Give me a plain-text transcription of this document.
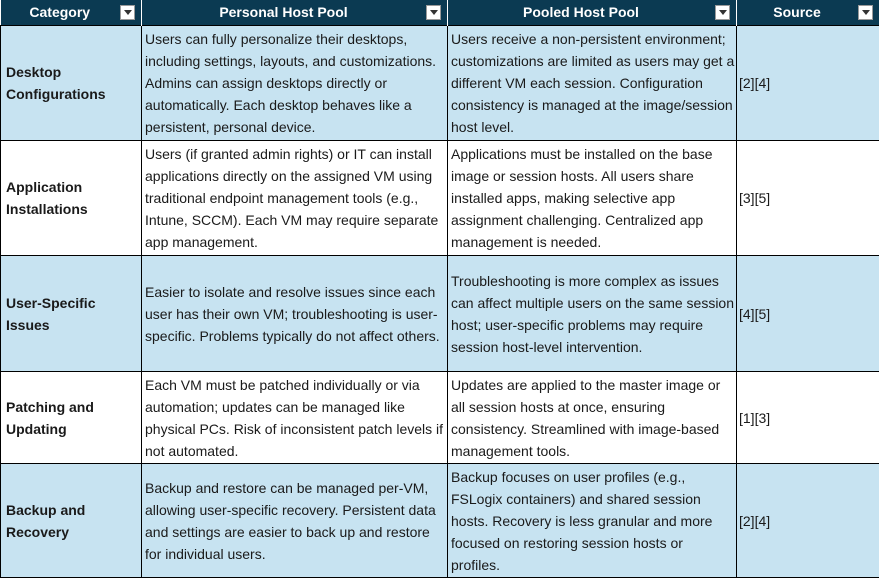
Category	Personal Host Pool	Pooled Host Pool	Source

Desktop Configurations	Users can fully personalize their desktops, including settings, layouts, and customizations. Admins can assign desktops directly or automatically. Each desktop behaves like a persistent, personal device.	Users receive a non-persistent environment; customizations are limited as users may get a different VM each session. Configuration consistency is managed at the image/session host level.	[2][4]
Application Installations	Users (if granted admin rights) or IT can install applications directly on the assigned VM using traditional endpoint management tools (e.g., Intune, SCCM). Each VM may require separate app management.	Applications must be installed on the base image or session hosts. All users share installed apps, making selective app assignment challenging. Centralized app management is needed.	[3][5]
User-Specific Issues	Easier to isolate and resolve issues since each user has their own VM; troubleshooting is user-specific. Problems typically do not affect others.	Troubleshooting is more complex as issues can affect multiple users on the same session host; user-specific problems may require session host-level intervention.	[4][5]
Patching and Updating	Each VM must be patched individually or via automation; updates can be managed like physical PCs. Risk of inconsistent patch levels if not automated.	Updates are applied to the master image or all session hosts at once, ensuring consistency. Streamlined with image-based management tools.	[1][3]
Backup and Recovery	Backup and restore can be managed per-VM, allowing user-specific recovery. Persistent data and settings are easier to back up and restore for individual users.	Backup focuses on user profiles (e.g., FSLogix containers) and shared session hosts. Recovery is less granular and more focused on restoring session hosts or profiles.	[2][4]
